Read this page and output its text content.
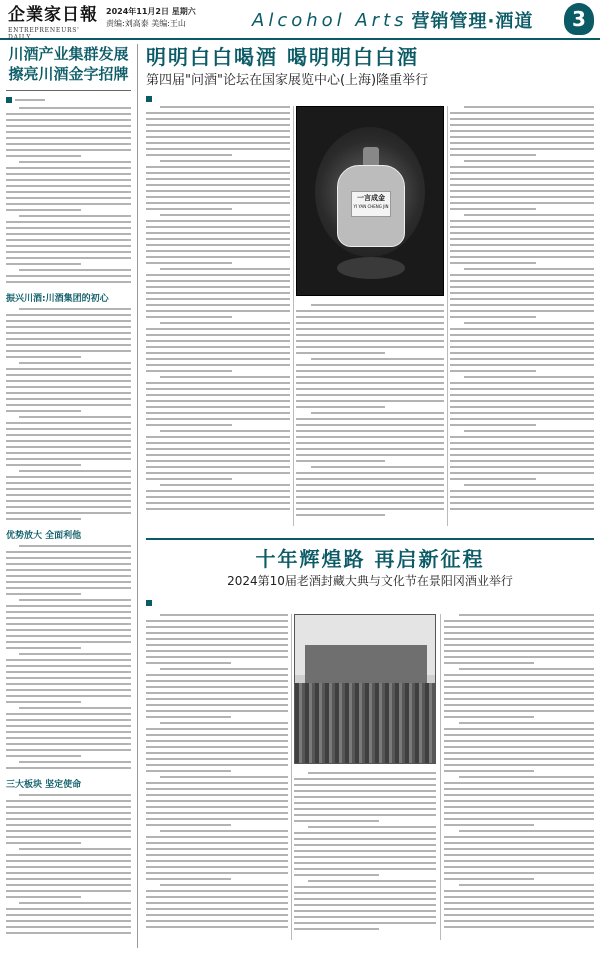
企業家日報
ENTREPRENEURS' DAILY
2024年11月2日 星期六
责编:刘高泰 美编:王山	Alcohol Arts 营销管理·酒道	3
川酒产业集群发展
擦亮川酒金字招牌
振兴川酒:川酒集团的初心
优势放大 全面利他
三大板块 坚定使命
明明白白喝酒 喝明明白白酒
第四届"问酒"论坛在国家展览中心(上海)隆重举行
一言成金
YI YAN CHENG JIN
十年辉煌路 再启新征程
2024第10届老酒封藏大典与文化节在景阳冈酒业举行
